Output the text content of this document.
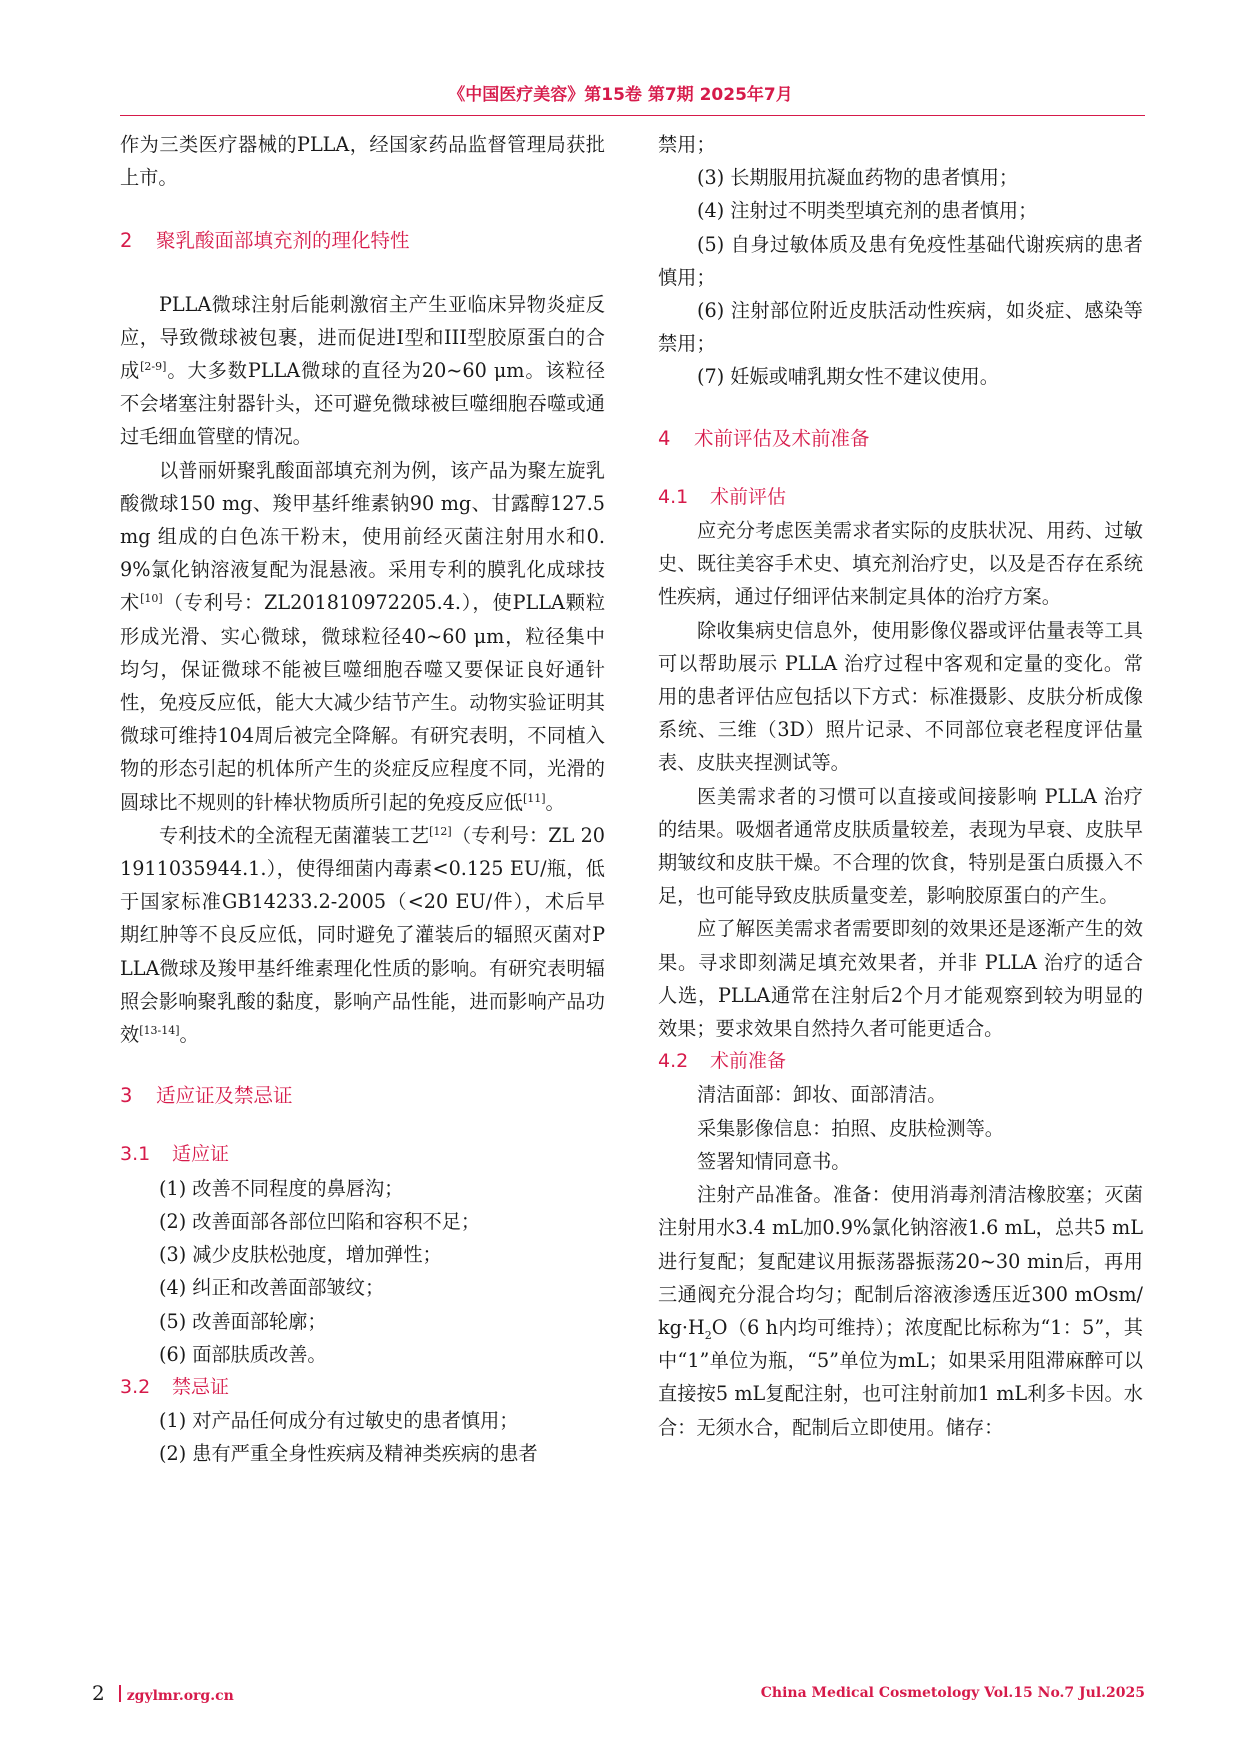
《中国医疗美容》第15卷 第7期 2025年7月

作为三类医疗器械的PLLA，经国家药品监督管理局获批上市。

2 聚乳酸面部填充剂的理化特性

PLLA微球注射后能刺激宿主产生亚临床异物炎症反应，导致微球被包裹，进而促进I型和III型胶原蛋白的合成[2-9]。大多数PLLA微球的直径为20~60 μm。该粒径不会堵塞注射器针头，还可避免微球被巨噬细胞吞噬或通过毛细血管壁的情况。

以普丽妍聚乳酸面部填充剂为例，该产品为聚左旋乳酸微球150 mg、羧甲基纤维素钠90 mg、甘露醇127.5 mg 组成的白色冻干粉末，使用前经灭菌注射用水和0.9%氯化钠溶液复配为混悬液。采用专利的膜乳化成球技术[10]（专利号：ZL201810972205.4.），使PLLA颗粒形成光滑、实心微球，微球粒径40~60 μm，粒径集中均匀，保证微球不能被巨噬细胞吞噬又要保证良好通针性，免疫反应低，能大大减少结节产生。动物实验证明其微球可维持104周后被完全降解。有研究表明，不同植入物的形态引起的机体所产生的炎症反应程度不同，光滑的圆球比不规则的针棒状物质所引起的免疫反应低[11]。

专利技术的全流程无菌灌装工艺[12]（专利号：ZL 201911035944.1.），使得细菌内毒素<0.125 EU/瓶，低于国家标准GB14233.2-2005（<20 EU/件），术后早期红肿等不良反应低，同时避免了灌装后的辐照灭菌对PLLA微球及羧甲基纤维素理化性质的影响。有研究表明辐照会影响聚乳酸的黏度，影响产品性能，进而影响产品功效[13-14]。

3 适应证及禁忌证

3.1 适应证

(1) 改善不同程度的鼻唇沟；

(2) 改善面部各部位凹陷和容积不足；

(3) 减少皮肤松弛度，增加弹性；

(4) 纠正和改善面部皱纹；

(5) 改善面部轮廓；

(6) 面部肤质改善。

3.2 禁忌证

(1) 对产品任何成分有过敏史的患者慎用；

(2) 患有严重全身性疾病及精神类疾病的患者

禁用；

(3) 长期服用抗凝血药物的患者慎用；

(4) 注射过不明类型填充剂的患者慎用；

(5) 自身过敏体质及患有免疫性基础代谢疾病的患者慎用；

(6) 注射部位附近皮肤活动性疾病，如炎症、感染等禁用；

(7) 妊娠或哺乳期女性不建议使用。

4 术前评估及术前准备

4.1 术前评估

应充分考虑医美需求者实际的皮肤状况、用药、过敏史、既往美容手术史、填充剂治疗史，以及是否存在系统性疾病，通过仔细评估来制定具体的治疗方案。

除收集病史信息外，使用影像仪器或评估量表等工具可以帮助展示 PLLA 治疗过程中客观和定量的变化。常用的患者评估应包括以下方式：标准摄影、皮肤分析成像系统、三维（3D）照片记录、不同部位衰老程度评估量表、皮肤夹捏测试等。

医美需求者的习惯可以直接或间接影响 PLLA 治疗的结果。吸烟者通常皮肤质量较差，表现为早衰、皮肤早期皱纹和皮肤干燥。不合理的饮食，特别是蛋白质摄入不足，也可能导致皮肤质量变差，影响胶原蛋白的产生。

应了解医美需求者需要即刻的效果还是逐渐产生的效果。寻求即刻满足填充效果者，并非 PLLA 治疗的适合人选，PLLA通常在注射后2个月才能观察到较为明显的效果；要求效果自然持久者可能更适合。

4.2 术前准备

清洁面部：卸妆、面部清洁。

采集影像信息：拍照、皮肤检测等。

签署知情同意书。

注射产品准备。准备：使用消毒剂清洁橡胶塞；灭菌注射用水3.4 mL加0.9%氯化钠溶液1.6 mL，总共5 mL进行复配；复配建议用振荡器振荡20~30 min后，再用三通阀充分混合均匀；配制后溶液渗透压近300 mOsm/$kg\cdot H_2O(6$ h内均可维持）；浓度配比标称为“1：5”，其中“1”单位为瓶，“5”单位为mL；如果采用阻滞麻醉可以直接按5 mL复配注射，也可注射前加1 mL利多卡因。水合：无须水合，配制后立即使用。储存：

2 zgylmr.org.cn	China Medical Cosmetology Vol.15 No.7 Jul.2025
